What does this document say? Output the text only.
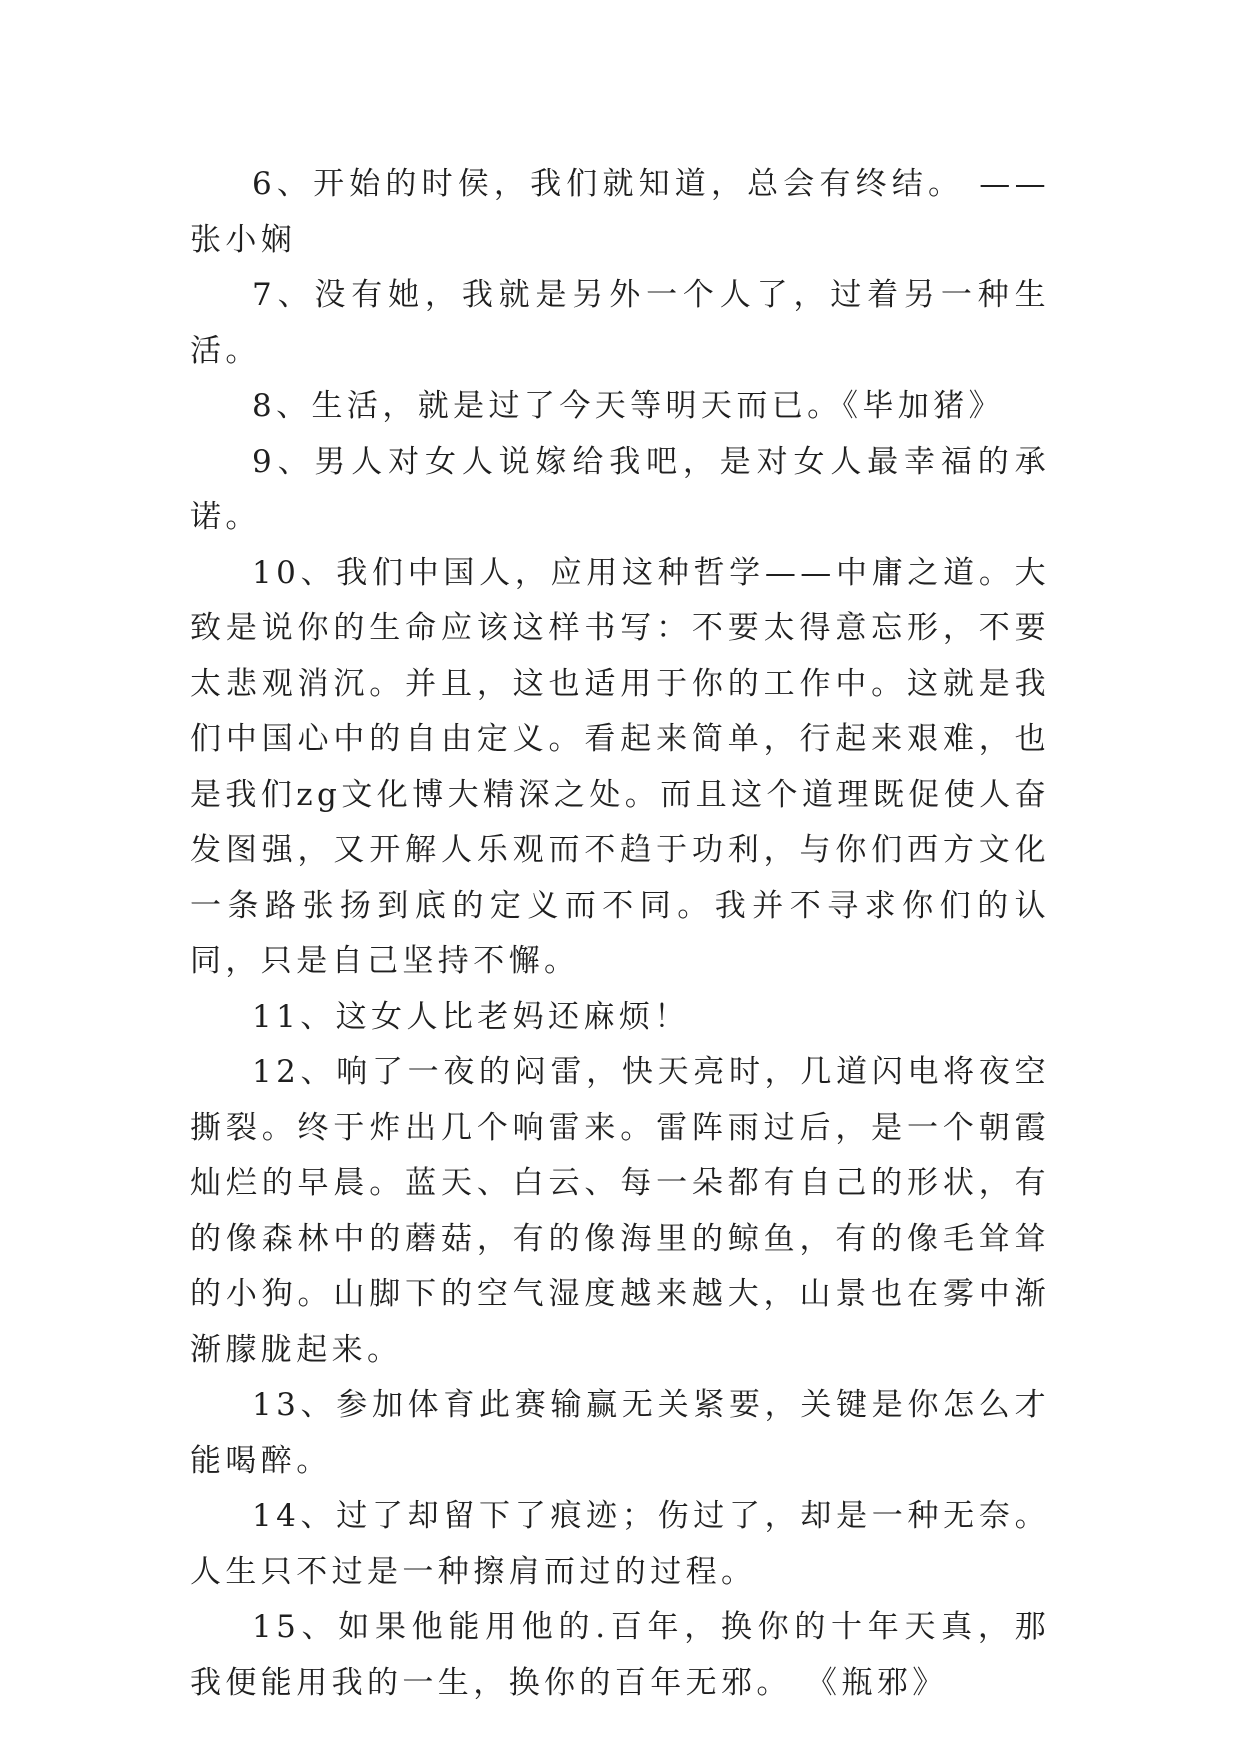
6、开始的时侯，我们就知道，总会有终结。 ——张小娴

7、没有她，我就是另外一个人了，过着另一种生活。

8、生活，就是过了今天等明天而已。《毕加猪》

9、男人对女人说嫁给我吧，是对女人最幸福的承诺。

10、我们中国人，应用这种哲学——中庸之道。大致是说你的生命应该这样书写：不要太得意忘形，不要太悲观消沉。并且，这也适用于你的工作中。这就是我们中国心中的自由定义。看起来简单，行起来艰难，也是我们zg文化博大精深之处。而且这个道理既促使人奋发图强，又开解人乐观而不趋于功利，与你们西方文化一条路张扬到底的定义而不同。我并不寻求你们的认同，只是自己坚持不懈。

11、这女人比老妈还麻烦！

12、响了一夜的闷雷，快天亮时，几道闪电将夜空撕裂。终于炸出几个响雷来。雷阵雨过后，是一个朝霞灿烂的早晨。蓝天、白云、每一朵都有自己的形状，有的像森林中的蘑菇，有的像海里的鲸鱼，有的像毛耸耸的小狗。山脚下的空气湿度越来越大，山景也在雾中渐渐朦胧起来。

13、参加体育此赛输赢无关紧要，关键是你怎么才能喝醉。

14、过了却留下了痕迹；伤过了，却是一种无奈。人生只不过是一种擦肩而过的过程。

15、如果他能用他的.百年，换你的十年天真，那我便能用我的一生，换你的百年无邪。 《瓶邪》
